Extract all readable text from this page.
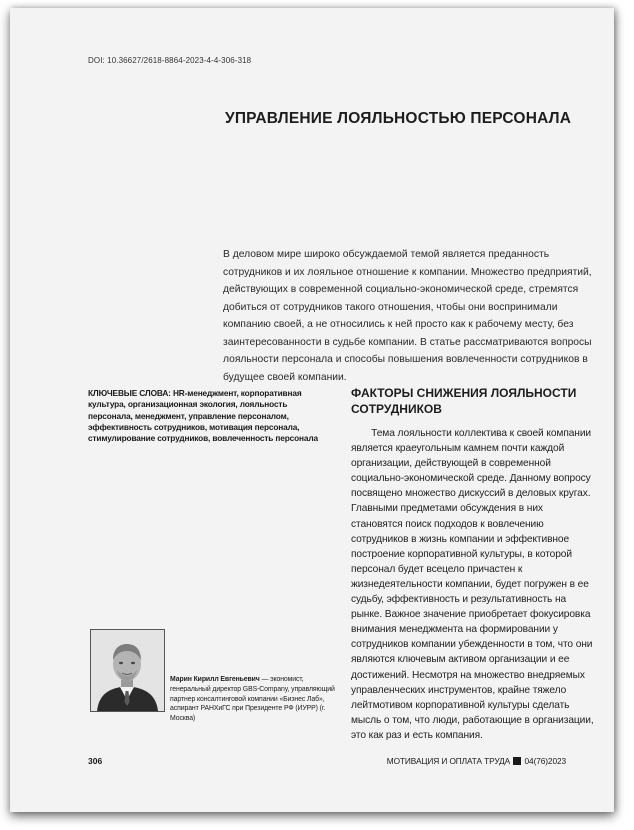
DOI: 10.36627/2618-8864-2023-4-4-306-318
УПРАВЛЕНИЕ ЛОЯЛЬНОСТЬЮ ПЕРСОНАЛА

В деловом мире широко обсуждаемой темой является преданность сотрудников и их лояльное отношение к компании. Множество предприятий, действующих в современной социально-экономической среде, стремятся добиться от сотрудников такого отношения, чтобы они воспринимали компанию своей, а не относились к ней просто как к рабочему месту, без заинтересованности в судьбе компании. В статье рассматриваются вопросы лояльности персонала и способы повышения вовлеченности сотрудников в будущее своей компании.

КЛЮЧЕВЫЕ СЛОВА: HR-менеджмент, корпоративная культура, организационная экология, лояльность персонала, менеджмент, управление персоналом, эффективность сотрудников, мотивация персонала, стимулирование сотрудников, вовлеченность персонала

ФАКТОРЫ СНИЖЕНИЯ ЛОЯЛЬНОСТИ СОТРУДНИКОВ

  Тема лояльности коллектива к своей компании является краеугольным камнем почти каждой организации, действующей в современной социально-экономической среде. Данному вопросу посвящено множество дискуссий в деловых кругах. Главными предметами обсуждения в них становятся поиск подходов к вовлечению сотрудников в жизнь компании и эффективное построение корпоративной культуры, в которой персонал будет всецело причастен к жизнедеятельности компании, будет погружен в ее судьбу, эффективность и результативность на рынке. Важное значение приобретает фокусировка внимания менеджмента на формировании у сотрудников компании убежденности в том, что они являются ключевым активом организации и ее достижений. Несмотря на множество внедряемых управленческих инструментов, крайне тяжело лейтмотивом корпоративной культуры сделать мысль о том, что люди, работающие в организации, это как раз и есть компания.

Марин Кирилл Евгеньевич — экономист, генеральный директор GBS-Company, управляющий партнер консалтинговой компании «Бизнес Лаб», аспирант РАНХиГС при Президенте РФ (ИУРР) (г. Москва)

306	МОТИВАЦИЯ И ОПЛАТА ТРУДА 04(76)2023
